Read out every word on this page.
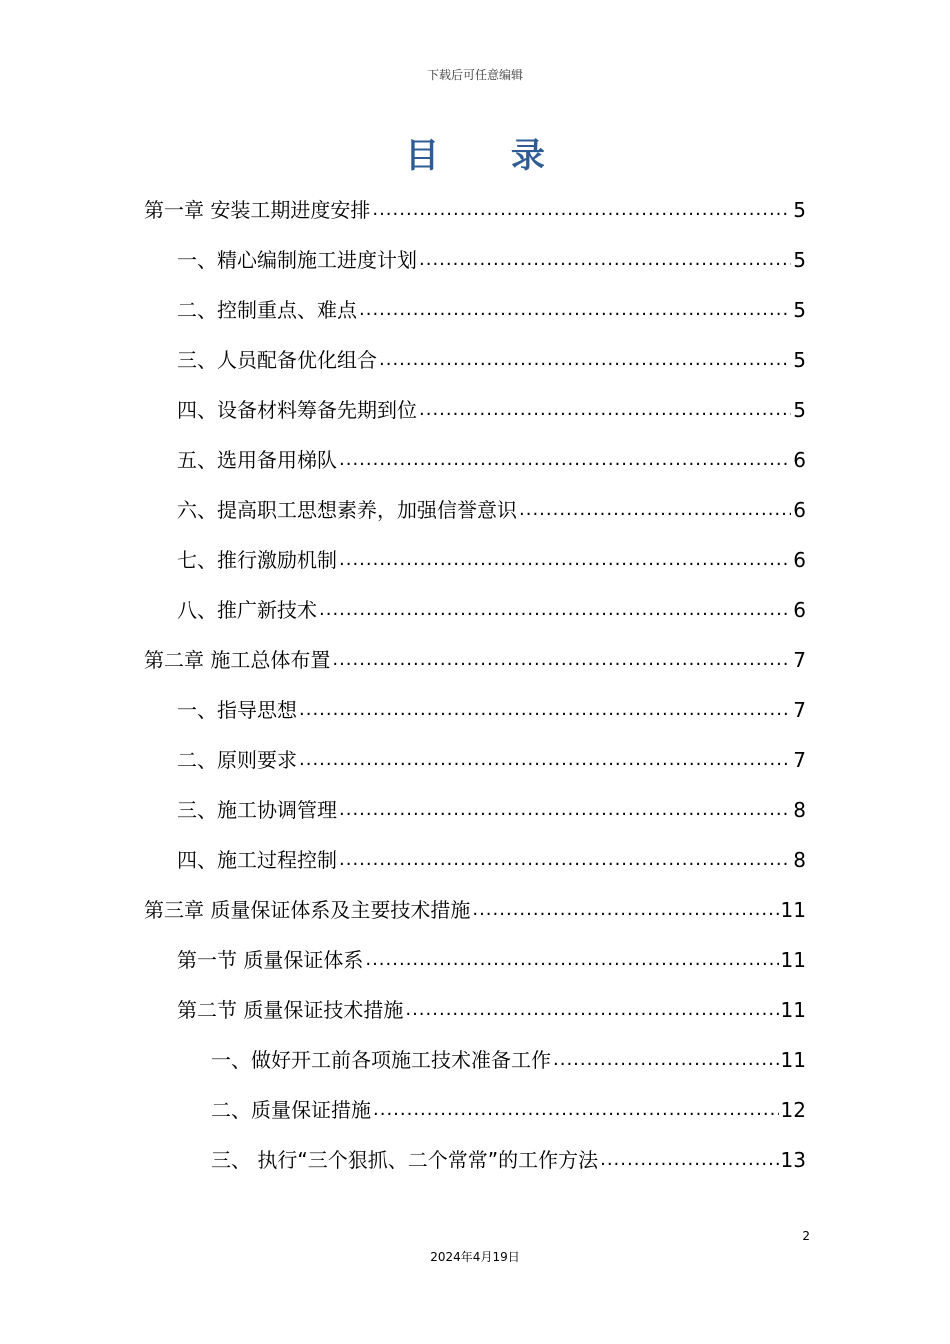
下载后可任意编辑
目 录
第一章 安装工期进度安排 .....	5
一、精心编制施工进度计划 .....	5
二、控制重点、难点 .....	5
三、人员配备优化组合 .....	5
四、设备材料筹备先期到位 .....	5
五、选用备用梯队 .....	6
六、提高职工思想素养，加强信誉意识 .....	6
七、推行激励机制 .....	6
八、推广新技术 .....	6
第二章 施工总体布置 .....	7
一、指导思想 .....	7
二、原则要求 .....	7
三、施工协调管理 .....	8
四、施工过程控制 .....	8
第三章 质量保证体系及主要技术措施 .....	11
第一节 质量保证体系 .....	11
第二节 质量保证技术措施 .....	11
一、做好开工前各项施工技术准备工作 .....	11
二、质量保证措施 .....	12
三、 执行“三个狠抓、二个常常”的工作方法 .....	13
2
2024年4月19日
